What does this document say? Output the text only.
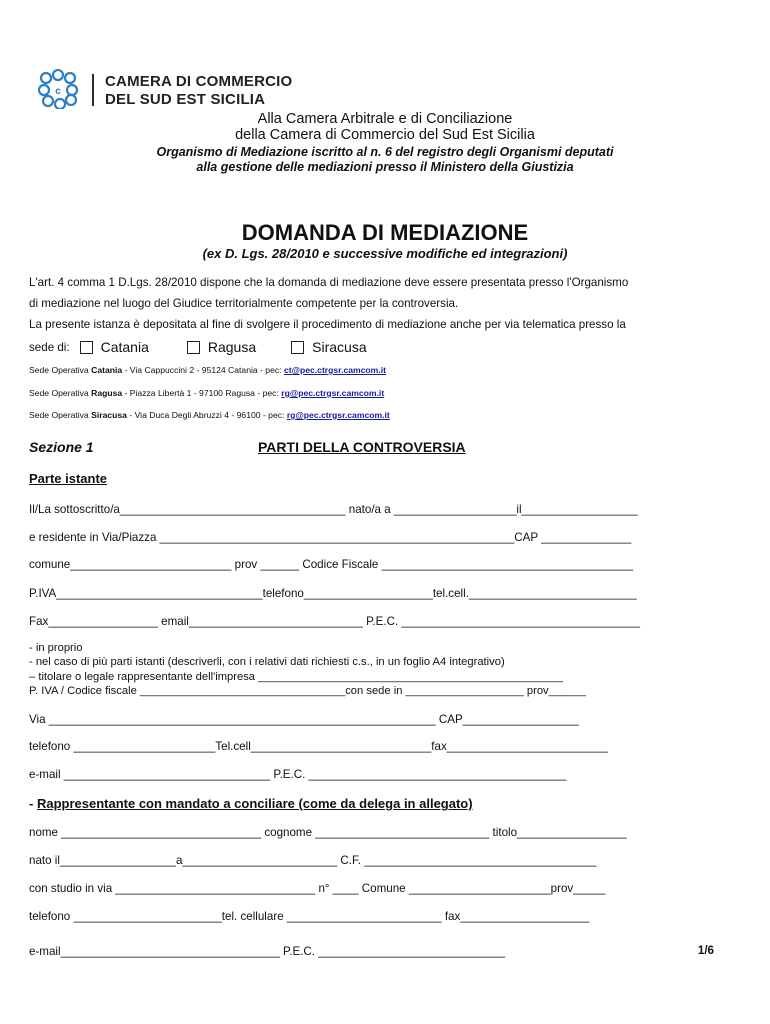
c
CAMERA DI COMMERCIO
DEL SUD EST SICILIA
Alla Camera Arbitrale e di Conciliazione
della Camera di Commercio del Sud Est Sicilia
Organismo di Mediazione iscritto al n. 6 del registro degli Organismi deputati
alla gestione delle mediazioni presso il Ministero della Giustizia
DOMANDA DI MEDIAZIONE
(ex D. Lgs. 28/2010 e successive modifiche ed integrazioni)
L'art. 4 comma 1 D.Lgs. 28/2010 dispone che la domanda di mediazione deve essere presentata presso l'Organismo
di mediazione nel luogo del Giudice territorialmente competente per la controversia.
La presente istanza è depositata al fine di svolgere il procedimento di mediazione anche per via telematica presso la
sede di: Catania	Ragusa	Siracusa
Sede Operativa Catania - Via Cappuccini 2 - 95124 Catania - pec: ct@pec.ctrgsr.camcom.it
Sede Operativa Ragusa - Piazza Libertà 1 - 97100 Ragusa - pec: rg@pec.ctrgsr.camcom.it
Sede Operativa Siracusa - Via Duca Degli Abruzzi 4 - 96100 - pec: rg@pec.ctrgsr.camcom.it
Sezione 1	PARTI DELLA CONTROVERSIA
Parte istante
Il/La sottoscritto/a___________________________________ nato/a a ___________________il__________________
e residente in Via/Piazza _______________________________________________________CAP ______________
comune_________________________ prov ______ Codice Fiscale _______________________________________
P.IVA________________________________telefono____________________tel.cell.__________________________
Fax_________________ email___________________________ P.E.C. _____________________________________
- in proprio
- nel caso di più parti istanti (descriverli, con i relativi dati richiesti c.s., in un foglio A4 integrativo)
– titolare o legale rappresentante dell'impresa _________________________________________________
P. IVA / Codice fiscale _________________________________con sede in ___________________ prov______
Via ____________________________________________________________ CAP__________________
telefono ______________________Tel.cell____________________________fax_________________________
e-mail ________________________________ P.E.C. ________________________________________
- Rappresentante con mandato a conciliare (come da delega in allegato)
nome _______________________________ cognome ___________________________ titolo_________________
nato il__________________a________________________ C.F. ____________________________________
con studio in via _______________________________ n° ____ Comune ______________________prov_____
telefono _______________________tel. cellulare ________________________ fax____________________
e-mail__________________________________ P.E.C. _____________________________	1/6
